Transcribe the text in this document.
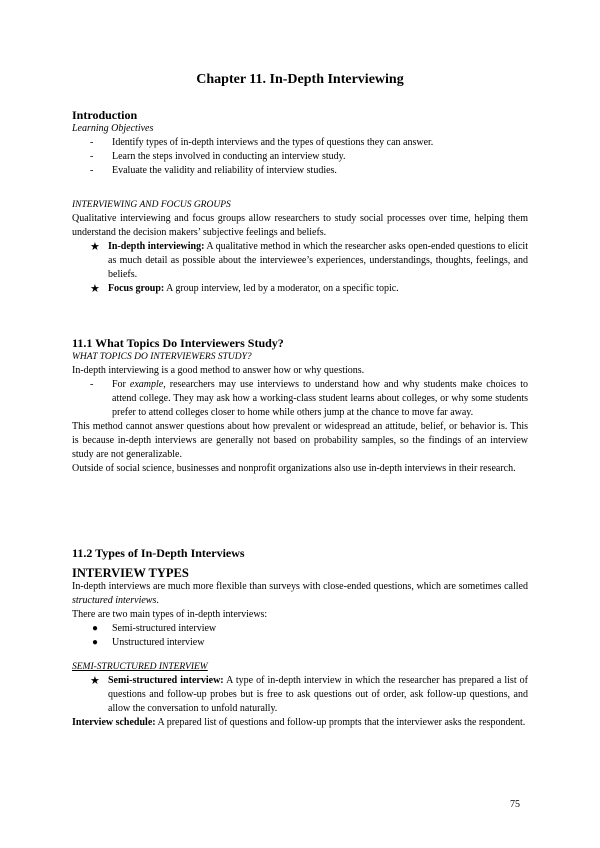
Chapter 11. In-Depth Interviewing
Introduction
Learning Objectives
- Identify types of in-depth interviews and the types of questions they can answer.
- Learn the steps involved in conducting an interview study.
- Evaluate the validity and reliability of interview studies.
INTERVIEWING AND FOCUS GROUPS
Qualitative interviewing and focus groups allow researchers to study social processes over time, helping them understand the decision makers’ subjective feelings and beliefs.
★ In-depth interviewing: A qualitative method in which the researcher asks open-ended questions to elicit as much detail as possible about the interviewee’s experiences, understandings, thoughts, feelings, and beliefs.
★ Focus group: A group interview, led by a moderator, on a specific topic.
11.1 What Topics Do Interviewers Study?
WHAT TOPICS DO INTERVIEWERS STUDY?
In-depth interviewing is a good method to answer how or why questions.
- For example, researchers may use interviews to understand how and why students make choices to attend college. They may ask how a working-class student learns about colleges, or why some students prefer to attend colleges closer to home while others jump at the chance to move far away.
This method cannot answer questions about how prevalent or widespread an attitude, belief, or behavior is. This is because in-depth interviews are generally not based on probability samples, so the findings of an interview study are not generalizable.
Outside of social science, businesses and nonprofit organizations also use in-depth interviews in their research.
11.2 Types of In-Depth Interviews
INTERVIEW TYPES
In-depth interviews are much more flexible than surveys with close-ended questions, which are sometimes called structured interviews.
There are two main types of in-depth interviews:
● Semi-structured interview
● Unstructured interview
SEMI-STRUCTURED INTERVIEW
★ Semi-structured interview: A type of in-depth interview in which the researcher has prepared a list of questions and follow-up probes but is free to ask questions out of order, ask follow-up questions, and allow the conversation to unfold naturally.
Interview schedule: A prepared list of questions and follow-up prompts that the interviewer asks the respondent.
75
